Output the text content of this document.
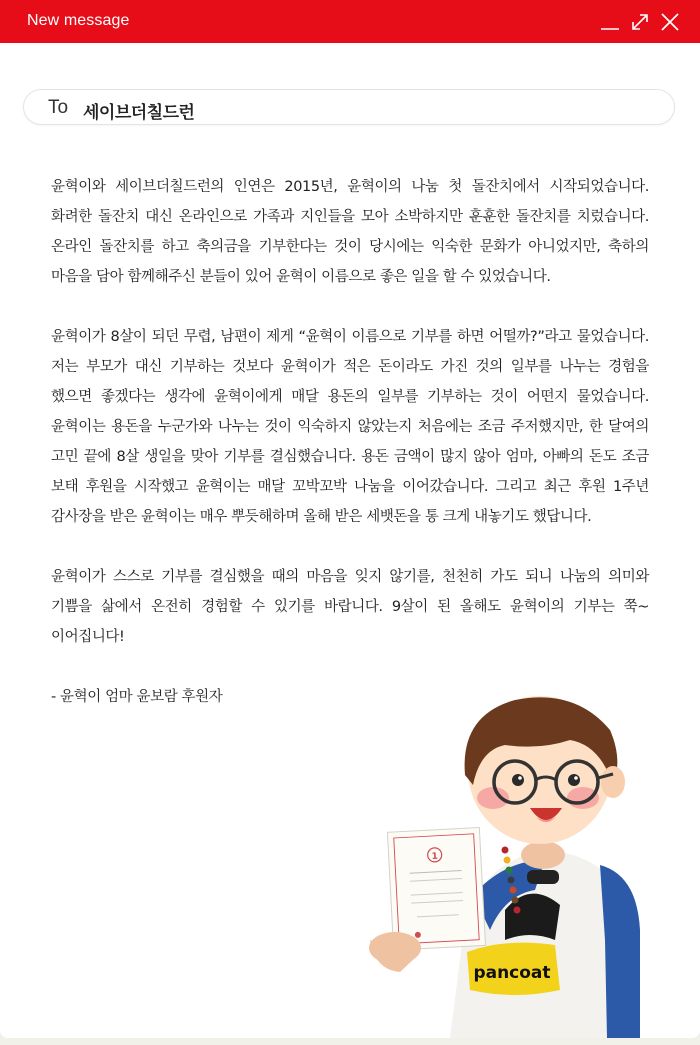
New message
To 세이브더칠드런

윤혁이와 세이브더칠드런의 인연은 2015년, 윤혁이의 나눔 첫 돌잔치에서 시작되었습니다. 화려한 돌잔치 대신 온라인으로 가족과 지인들을 모아 소박하지만 훈훈한 돌잔치를 치렀습니다. 온라인 돌잔치를 하고 축의금을 기부한다는 것이 당시에는 익숙한 문화가 아니었지만, 축하의 마음을 담아 함께해주신 분들이 있어 윤혁이 이름으로 좋은 일을 할 수 있었습니다.

윤혁이가 8살이 되던 무렵, 남편이 제게 “윤혁이 이름으로 기부를 하면 어떨까?”라고 물었습니다. 저는 부모가 대신 기부하는 것보다 윤혁이가 적은 돈이라도 가진 것의 일부를 나누는 경험을 했으면 좋겠다는 생각에 윤혁이에게 매달 용돈의 일부를 기부하는 것이 어떤지 물었습니다. 윤혁이는 용돈을 누군가와 나누는 것이 익숙하지 않았는지 처음에는 조금 주저했지만, 한 달여의 고민 끝에 8살 생일을 맞아 기부를 결심했습니다. 용돈 금액이 많지 않아 엄마, 아빠의 돈도 조금 보태 후원을 시작했고 윤혁이는 매달 꼬박꼬박 나눔을 이어갔습니다. 그리고 최근 후원 1주년 감사장을 받은 윤혁이는 매우 뿌듯해하며 올해 받은 세뱃돈을 통 크게 내놓기도 했답니다.

윤혁이가 스스로 기부를 결심했을 때의 마음을 잊지 않기를, 천천히 가도 되니 나눔의 의미와 기쁨을 삶에서 온전히 경험할 수 있기를 바랍니다. 9살이 된 올해도 윤혁이의 기부는 쭉~ 이어집니다!

- 윤혁이 엄마 윤보람 후원자

pancoat
1
